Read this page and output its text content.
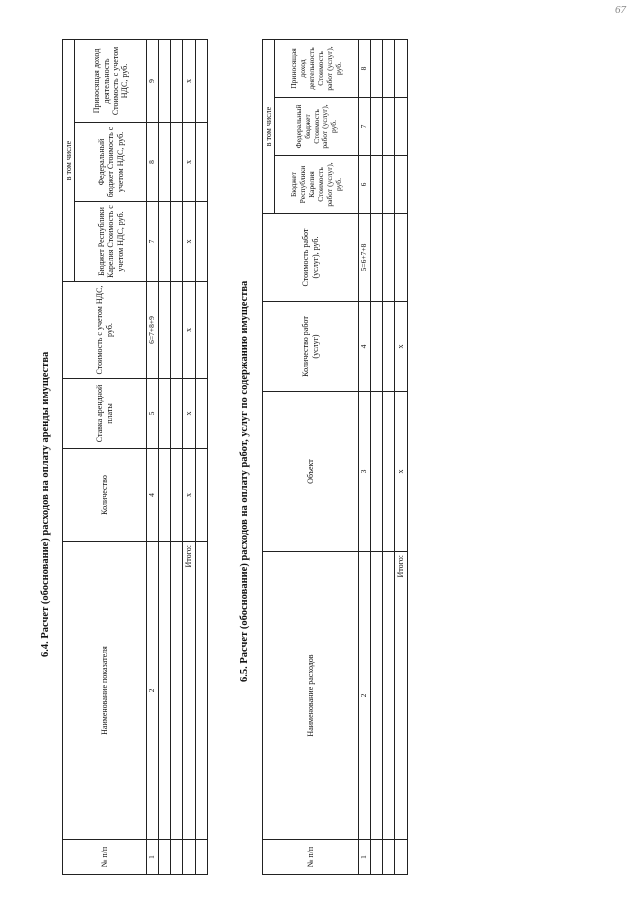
67
6.4. Расчет (обоснование) расходов на оплату аренды имущества
№ п/п	Наименование показателя	Количество	Ставка арендной платы	Стоимость с учетом НДС, руб.	в том числе		
					Бюджет Республики Карелия Стоимость с учетом НДС, руб.	Федеральный бюджет Стоимость с учетом НДС, руб.	Приносящая доход деятельность Стоимость с учетом НДС, руб.
1	2	4	5	6=7+8+9	7	8	9

	Итого:	x	x	x	x	x	x

6.5. Расчет (обоснование) расходов на оплату работ, услуг по содержанию имущества
№ п/п	Наименование расходов	Объект	Количество работ (услуг)	Стоимость работ (услуг), руб.	в том числе		
					Бюджет Республики Карелия Стоимость работ (услуг), руб.	Федеральный бюджет Стоимость работ (услуг), руб.	Приносящая доход деятельность Стоимость работ (услуг), руб.
1	2	3	4	5=6+7+8	6	7	8

	Итого:	x	x				
